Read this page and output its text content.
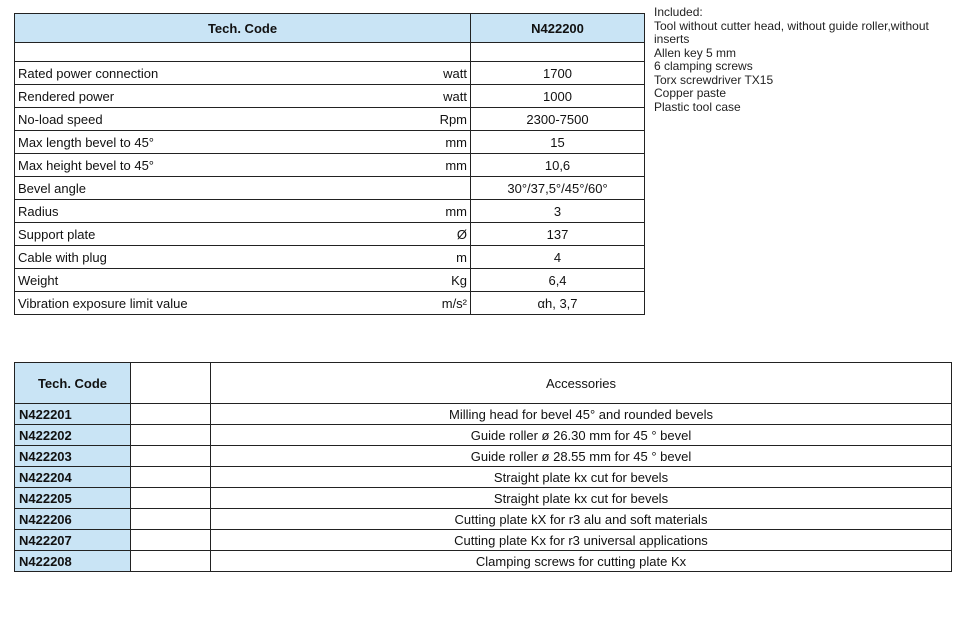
Tech. Code		N422200

Rated power connection	watt	1700
Rendered power	watt	1000
No-load speed	Rpm	2300-7500
Max length bevel to 45°	mm	15
Max height bevel to 45°	mm	10,6
Bevel angle		30°/37,5°/45°/60°
Radius	mm	3
Support plate	Ø	137
Cable with plug	m	4
Weight	Kg	6,4
Vibration exposure limit value	m/s²	αh, 3,7
Included:
Tool without cutter head, without guide roller,without inserts
Allen key 5 mm
6 clamping screws
Torx screwdriver TX15
Copper paste
Plastic tool case
Tech. Code		Accessories
N422201		Milling head for bevel 45° and rounded bevels
N422202		Guide roller ø 26.30 mm for 45 ° bevel
N422203		Guide roller ø 28.55 mm for 45 ° bevel
N422204		Straight plate kx cut for bevels
N422205		Straight plate kx cut for bevels
N422206		Cutting plate kX for r3 alu and soft materials
N422207		Cutting plate Kx for r3 universal applications
N422208		Clamping screws for cutting plate Kx
